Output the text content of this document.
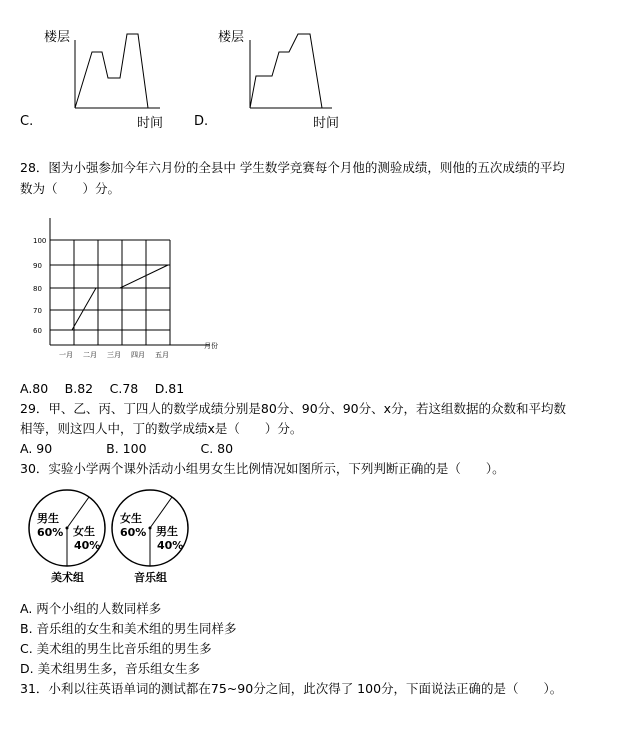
楼层
时间
C.
楼层
时间
D.
28．图为小强参加今年六月份的全县中 学生数学竞赛每个月他的测验成绩，则他的五次成绩的平均
数为（　　）分。
100
90
80
70
60
一月 二月 三月 四月 五月
月份
A.80　 B.82　 C.78　 D.81
29．甲、乙、丙、丁四人的数学成绩分别是80分、90分、90分、x分，若这组数据的众数和平均数
相等，则这四人中，丁的数学成绩x是（　　）分。
A. 90　　　　 B. 100　　　　 C. 80
30．实验小学两个课外活动小组男女生比例情况如图所示，下列判断正确的是（　　）。
男生
60% 女生
40%
美术组
女生
60% 男生
40%
音乐组
A. 两个小组的人数同样多
B. 音乐组的女生和美术组的男生同样多
C. 美术组的男生比音乐组的男生多
D. 美术组男生多，音乐组女生多
31．小利以往英语单词的测试都在75~90分之间，此次得了 100分，下面说法正确的是（　　）。
